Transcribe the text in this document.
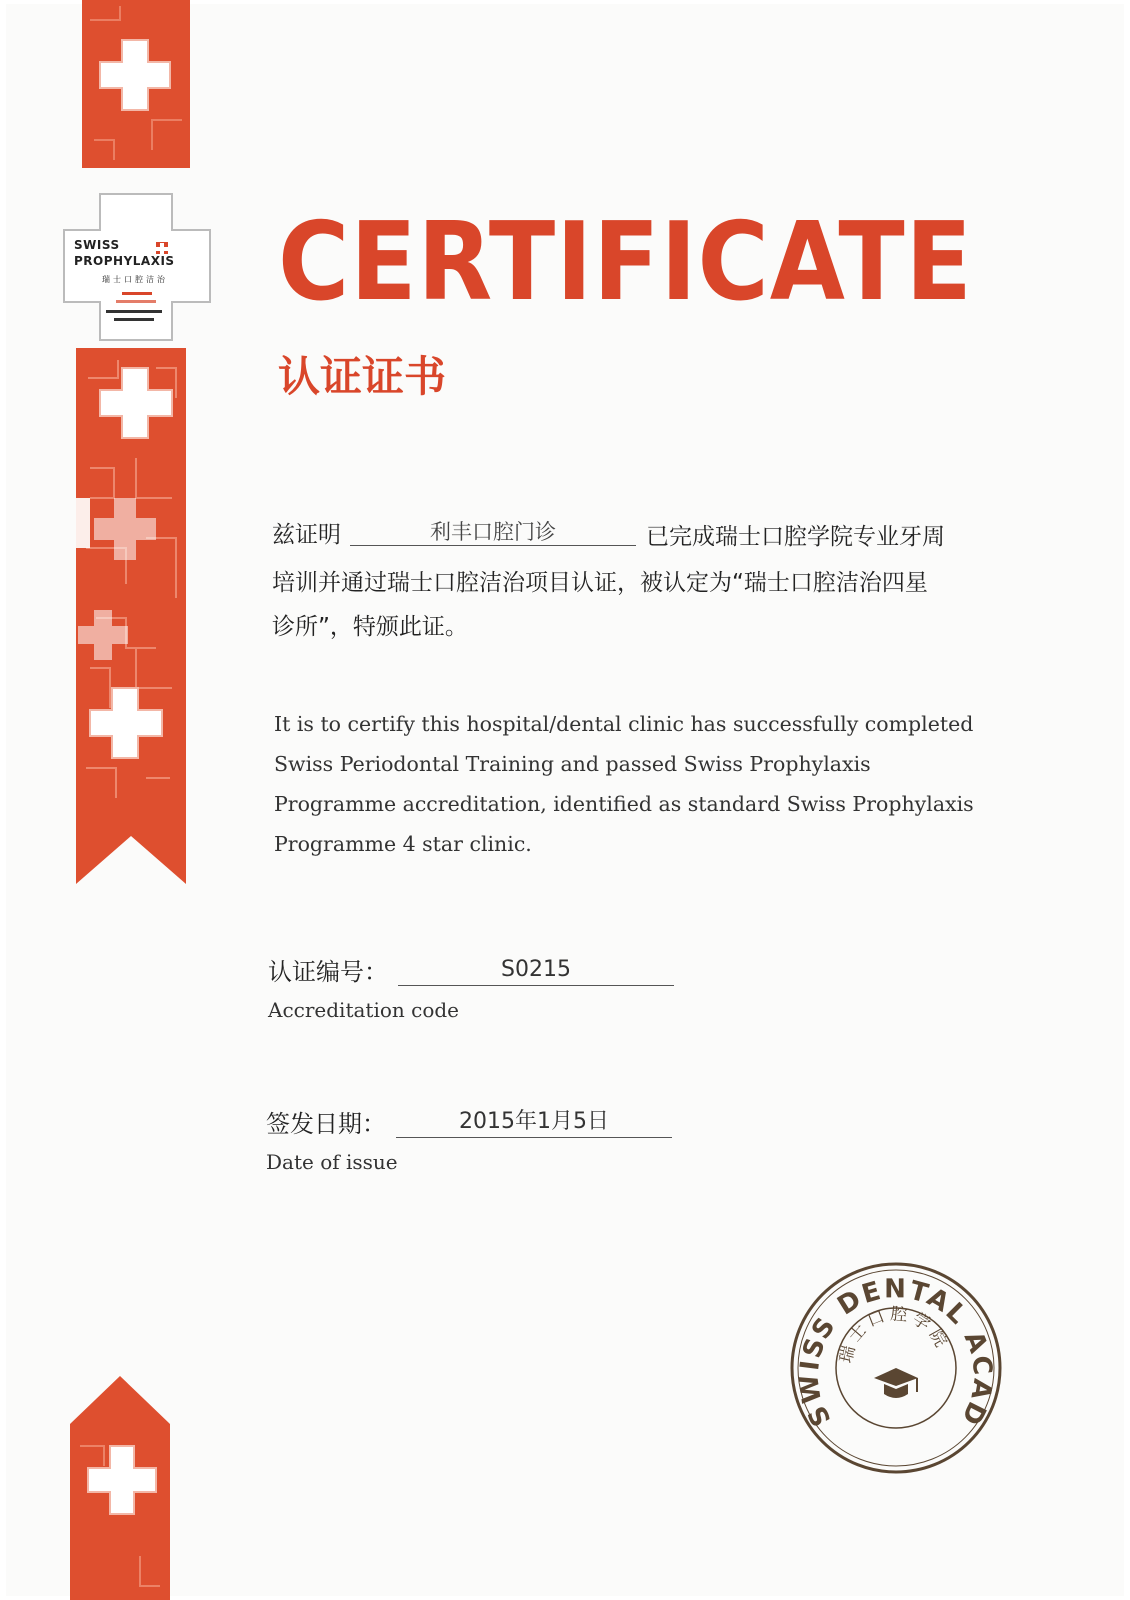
SWISS
PROPHYLAXIS
瑞士口腔洁治 CERTIFICATE
认证证书
兹证明	利丰口腔门诊	已完成瑞士口腔学院专业牙周
培训并通过瑞士口腔洁治项目认证，被认定为“瑞士口腔洁治四星
诊所”，特颁此证。

It is to certify this hospital/dental clinic has successfully completed Swiss Periodontal Training and passed Swiss Prophylaxis Programme accreditation, identified as standard Swiss Prophylaxis Programme 4 star clinic.

认证编号：	S0215
Accreditation code
签发日期：	2015年1月5日
Date of issue
SWISS DENTAL ACAD
瑞士口腔学院
